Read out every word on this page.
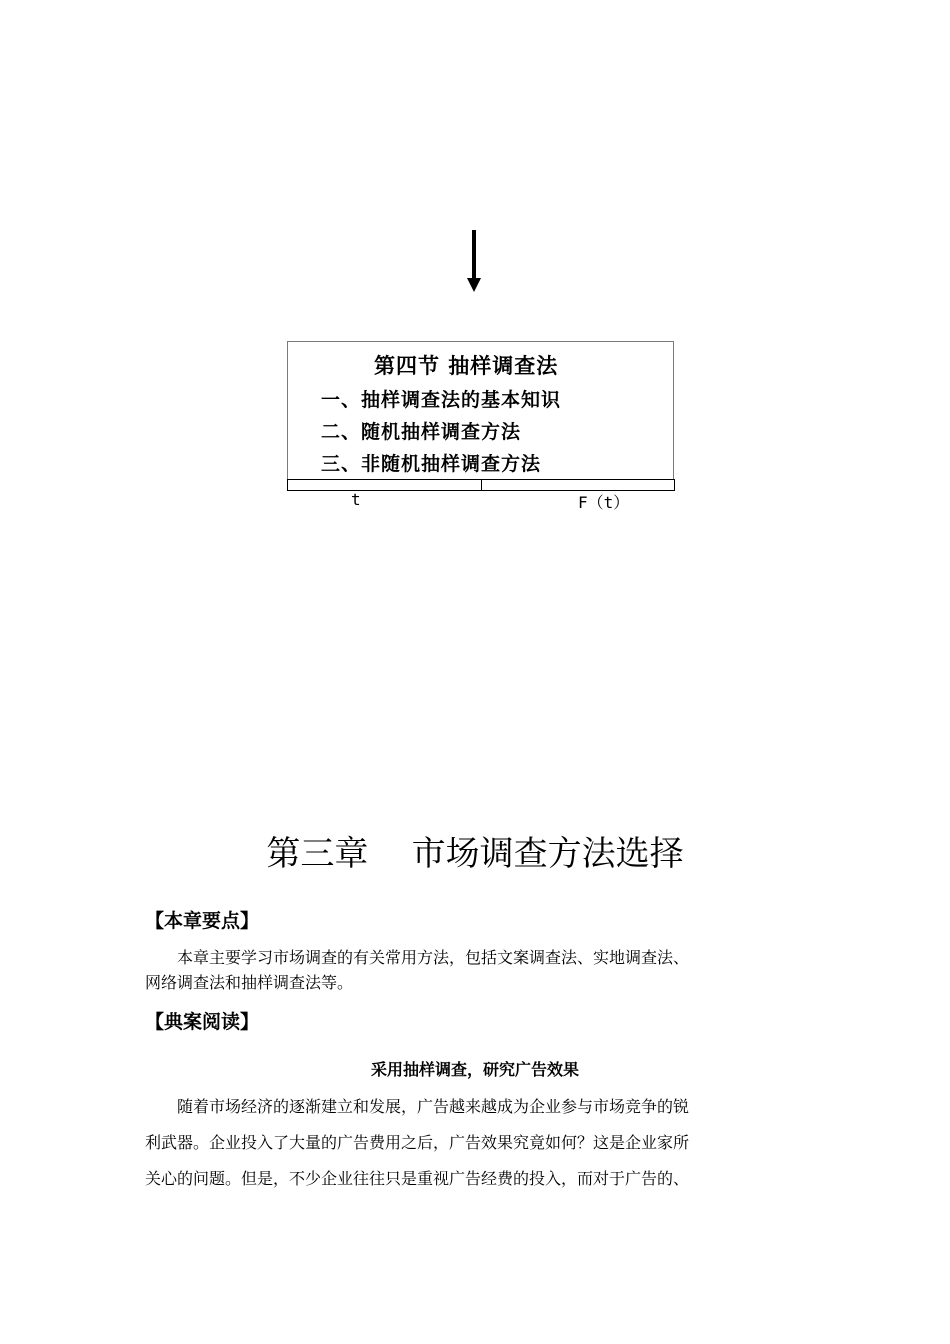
第四节 抽样调查法
一、抽样调查法的基本知识
二、随机抽样调查方法
三、非随机抽样调查方法
t	F（t）
第三章    市场调查方法选择
【本章要点】
　　本章主要学习市场调查的有关常用方法，包括文案调查法、实地调查法、
网络调查法和抽样调查法等。
【典案阅读】
采用抽样调查，研究广告效果
　　随着市场经济的逐渐建立和发展，广告越来越成为企业参与市场竞争的锐
利武器。企业投入了大量的广告费用之后，广告效果究竟如何？这是企业家所
关心的问题。但是，不少企业往往只是重视广告经费的投入，而对于广告的、
